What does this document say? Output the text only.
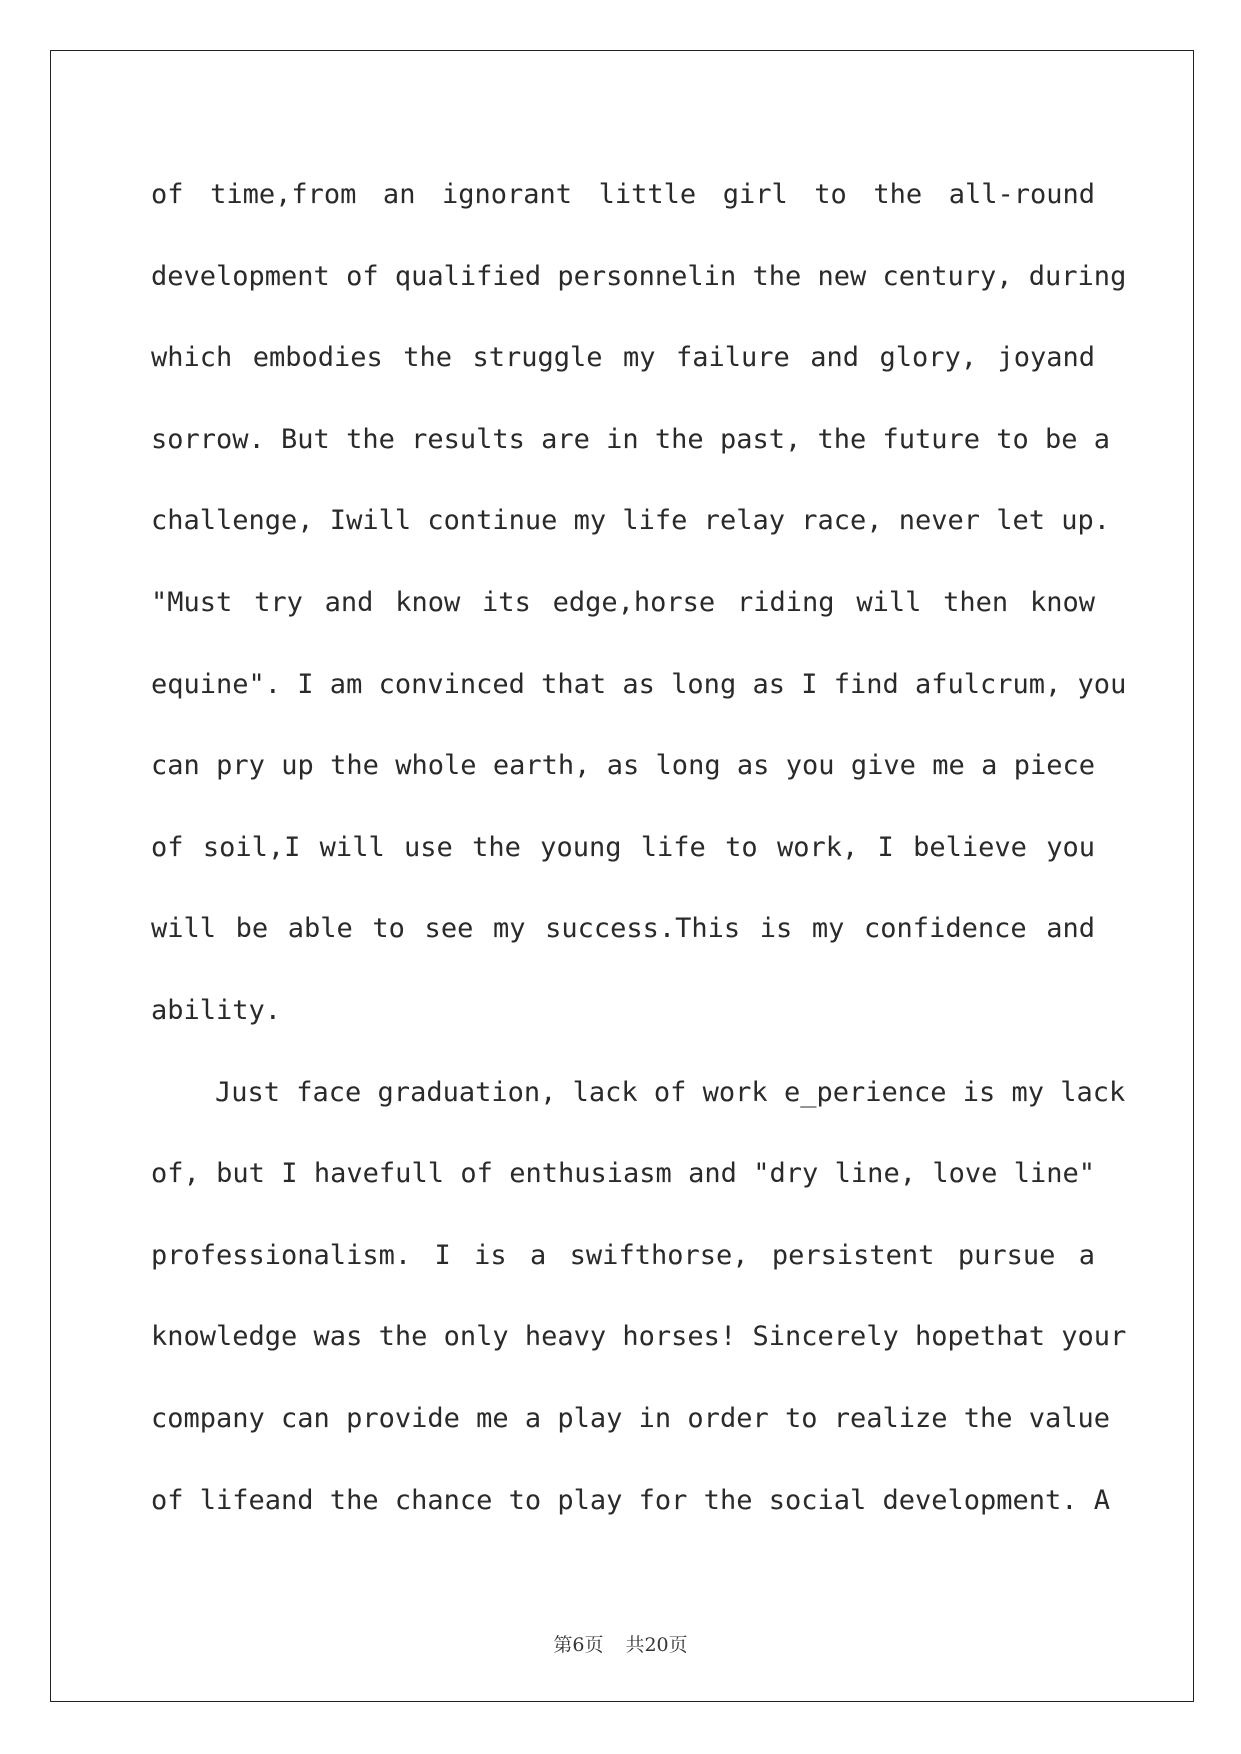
of time,from an ignorant little girl to the all-round
development of qualified personnelin the new century, during
which embodies the struggle my failure and glory, joyand
sorrow. But the results are in the past, the future to be a
challenge, Iwill continue my life relay race, never let up.
"Must try and know its edge,horse riding will then know
equine". I am convinced that as long as I find afulcrum, you
can pry up the whole earth, as long as you give me a piece
of soil,I will use the young life to work, I believe you
will be able to see my success.This is my confidence and
ability.
Just face graduation, lack of work e_perience is my lack
of, but I havefull of enthusiasm and "dry line, love line"
professionalism. I is a swifthorse, persistent pursue a
knowledge was the only heavy horses! Sincerely hopethat your
company can provide me a play in order to realize the value
of lifeand the chance to play for the social development. A
第6页 共20页
